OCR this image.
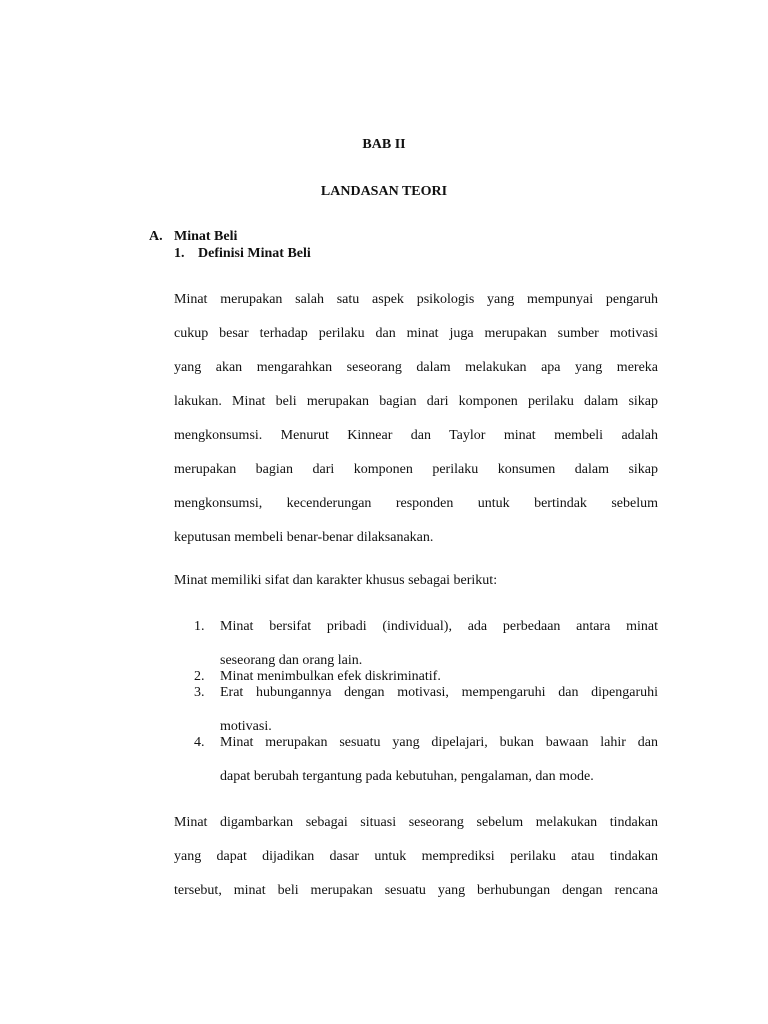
BAB II
LANDASAN TEORI
A. Minat Beli
1. Definisi Minat Beli
Minat merupakan salah satu aspek psikologis yang mempunyai pengaruh
cukup besar terhadap perilaku dan minat juga merupakan sumber motivasi
yang akan mengarahkan seseorang dalam melakukan apa yang mereka
lakukan. Minat beli merupakan bagian dari komponen perilaku dalam sikap
mengkonsumsi. Menurut Kinnear dan Taylor minat membeli adalah
merupakan bagian dari komponen perilaku konsumen dalam sikap
mengkonsumsi, kecenderungan responden untuk bertindak sebelum
keputusan membeli benar-benar dilaksanakan.
Minat memiliki sifat dan karakter khusus sebagai berikut:
1. Minat bersifat pribadi (individual), ada perbedaan antara minat
seseorang dan orang lain.
2. Minat menimbulkan efek diskriminatif.
3. Erat hubungannya dengan motivasi, mempengaruhi dan dipengaruhi
motivasi.
4. Minat merupakan sesuatu yang dipelajari, bukan bawaan lahir dan
dapat berubah tergantung pada kebutuhan, pengalaman, dan mode.
Minat digambarkan sebagai situasi seseorang sebelum melakukan tindakan
yang dapat dijadikan dasar untuk memprediksi perilaku atau tindakan
tersebut, minat beli merupakan sesuatu yang berhubungan dengan rencana
